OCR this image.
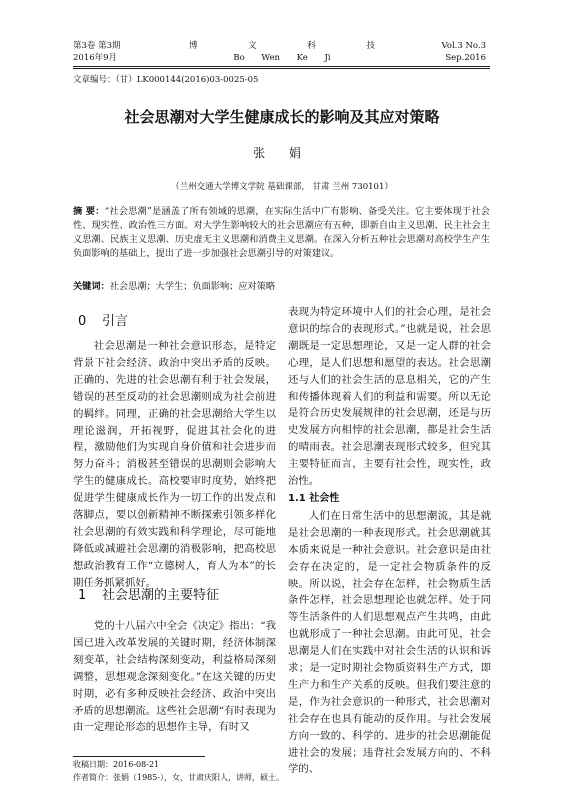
第3卷 第3期
2016年9月
博 文 科 技
Bo Wen Ke Ji
Vol.3 No.3
Sep.2016
文章编号：（甘）LK000144(2016)03-0025-05
社会思潮对大学生健康成长的影响及其应对策略
张 娟
（兰州交通大学博文学院 基础课部， 甘肃 兰州 730101）
摘 要：“社会思潮”是涵盖了所有领域的思潮，在实际生活中广有影响、备受关注。它主要体现于社会性、现实性、政治性三方面。对大学生影响较大的社会思潮应有五种，即新自由主义思潮、民主社会主义思潮、民族主义思潮、历史虚无主义思潮和消费主义思潮。在深入分析五种社会思潮对高校学生产生负面影响的基础上，提出了进一步加强社会思潮引导的对策建议。
关键词：社会思潮；大学生；负面影响；应对策略
0 引言

社会思潮是一种社会意识形态，是特定背景下社会经济、政治中突出矛盾的反映。正确的、先进的社会思潮有利于社会发展，错误的甚至反动的社会思潮则成为社会前进的羁绊。同理，正确的社会思潮给大学生以理论滋润，开拓视野，促进其社会化的进程，激励他们为实现自身价值和社会进步而努力奋斗；消极甚至错误的思潮则会影响大学生的健康成长。高校要审时度势，始终把促进学生健康成长作为一切工作的出发点和落脚点，要以创新精神不断探索引领多样化社会思潮的有效实践和科学理论，尽可能地降低或减避社会思潮的消极影响，把高校思想政治教育工作“立德树人，育人为本”的长期任务抓紧抓好。

1 社会思潮的主要特征

党的十八届六中全会《决定》指出：“我国已进入改革发展的关键时期，经济体制深刻变革，社会结构深刻变动，利益格局深刻调整，思想观念深刻变化。”在这关键的历史时期，必有多种反映社会经济、政治中突出矛盾的思想潮流。这些社会思潮“有时表现为由一定理论形态的思想作主导，有时又

表现为特定环境中人们的社会心理，是社会意识的综合的表现形式。”也就是说，社会思潮既是一定思想理论，又是一定人群的社会心理，是人们思想和愿望的表达。社会思潮还与人们的社会生活的息息相关，它的产生和传播体现着人们的利益和需要。所以无论是符合历史发展规律的社会思潮，还是与历史发展方向相悖的社会思潮，都是社会生活的晴雨表。社会思潮表现形式较多，但究其主要特征而言，主要有社会性，现实性，政治性。

1.1 社会性

人们在日常生活中的思想潮流，其是就是社会思潮的一种表现形式。社会思潮就其本质来说是一种社会意识。社会意识是由社会存在决定的，是一定社会物质条件的反映。所以说，社会存在怎样，社会物质生活条件怎样，社会思想理论也就怎样。处于同等生活条件的人们思想观点产生共鸣，由此也就形成了一种社会思潮。由此可见，社会思潮是人们在实践中对社会生活的认识和诉求；是一定时期社会物质资料生产方式，即生产力和生产关系的反映。但我们要注意的是，作为社会意识的一种形式，社会思潮对社会存在也具有能动的反作用。与社会发展方向一致的、科学的、进步的社会思潮能促进社会的发展；违背社会发展方向的、不科学的、

收稿日期：2016-08-21
作者简介：张娟（1985-），女，甘肃庆阳人，讲师，硕士。
